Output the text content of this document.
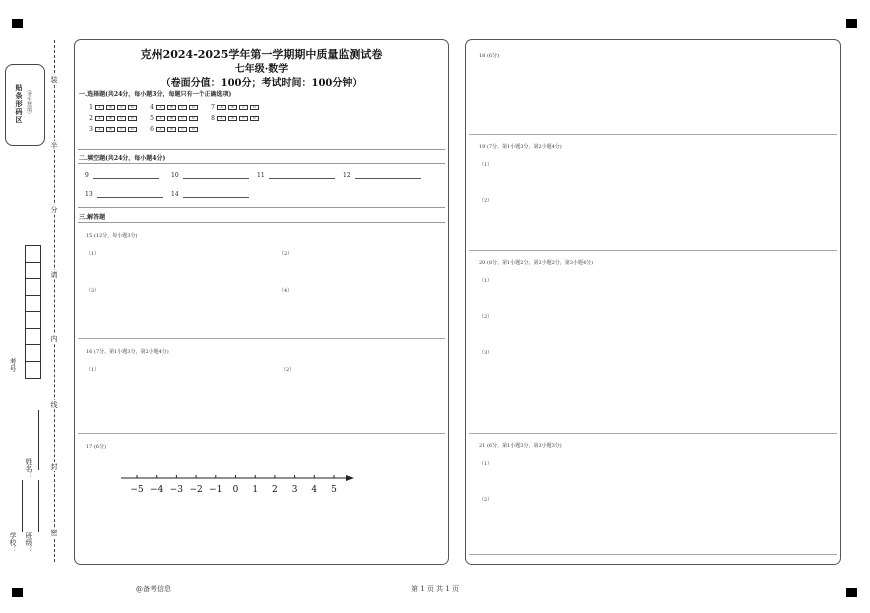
贴条形码区 （考生禁填）
考号
姓名：
学校： 班级：
装
半
分
请
内
线
封
密
克州2024-2025学年第一学期期中质量监测试卷
七年级·数学
（卷面分值：100分；考试时间：100分钟）
一.选择题(共24分，每小题3分，每题只有一个正确选项)
1	A	B	C	D	4	A	B	C	D	7	A	B	C	D
2	A	B	C	D	5	A	B	C	D	8	A	B	C	D
3	A	B	C	D	6	A	B	C	D
二.填空题(共24分，每小题4分)
9	10	11	12
13	14
三.解答题
15 (12分，每小题3分)
（1）	（2）
（3）	（4）
16 (7分，第1小题3分，第2小题4分)
（1）	（2）
17 (6分)
−5 −4 −3 −2 −1 0 1 2 3 4 5
18 (6分)
19 (7分，第1小题3分，第2小题4分)
（1）
（2）
20 (8分，第1小题2分，第2小题2分，第3小题4分)
（1）
（2）
（3）
21 (6分，第1小题3分，第2小题3分)
（1）
（2）
@备考信息	第 1 页 共 1 页
